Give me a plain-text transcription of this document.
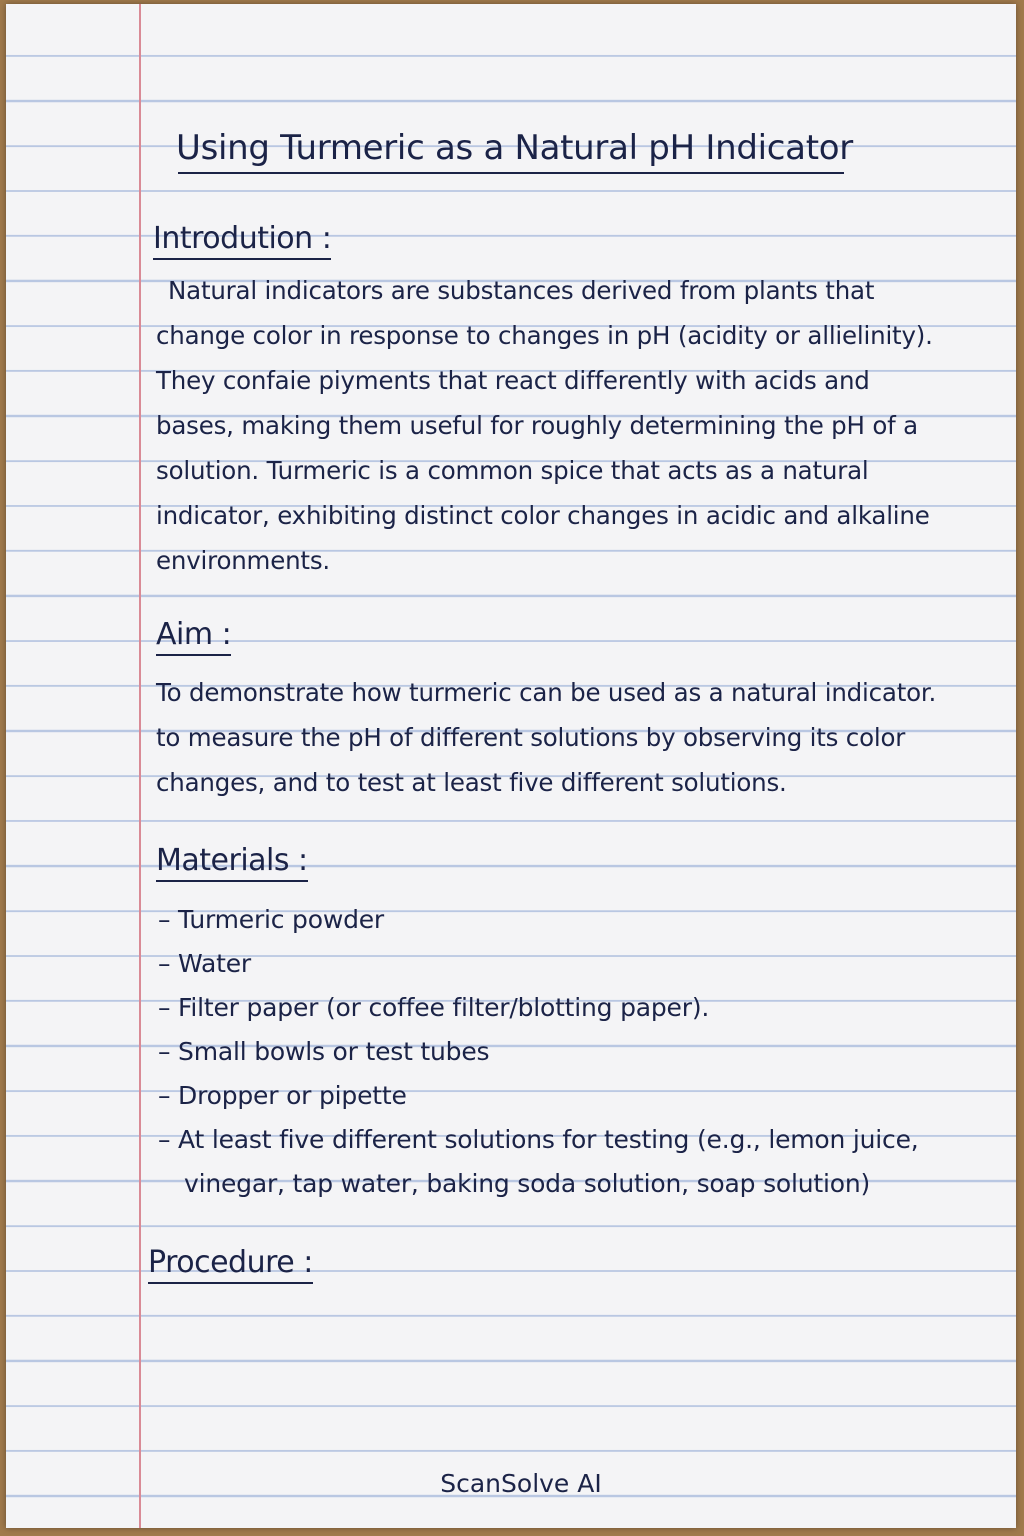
Using Turmeric as a Natural pH Indicator
Introdution :
Natural indicators are substances derived from plants that
change color in response to changes in pH (acidity or allielinity).
They confaie piyments that react differently with acids and
bases, making them useful for roughly determining the pH of a
solution. Turmeric is a common spice that acts as a natural
indicator, exhibiting distinct color changes in acidic and alkaline
environments.
Aim :
To demonstrate how turmeric can be used as a natural indicator.
to measure the pH of different solutions by observing its color
changes, and to test at least five different solutions.
Materials :
– Turmeric powder
– Water
– Filter paper (or coffee filter/blotting paper).
– Small bowls or test tubes
– Dropper or pipette
– At least five different solutions for testing (e.g., lemon juice,
vinegar, tap water, baking soda solution, soap solution)
Procedure :
ScanSolve AI
